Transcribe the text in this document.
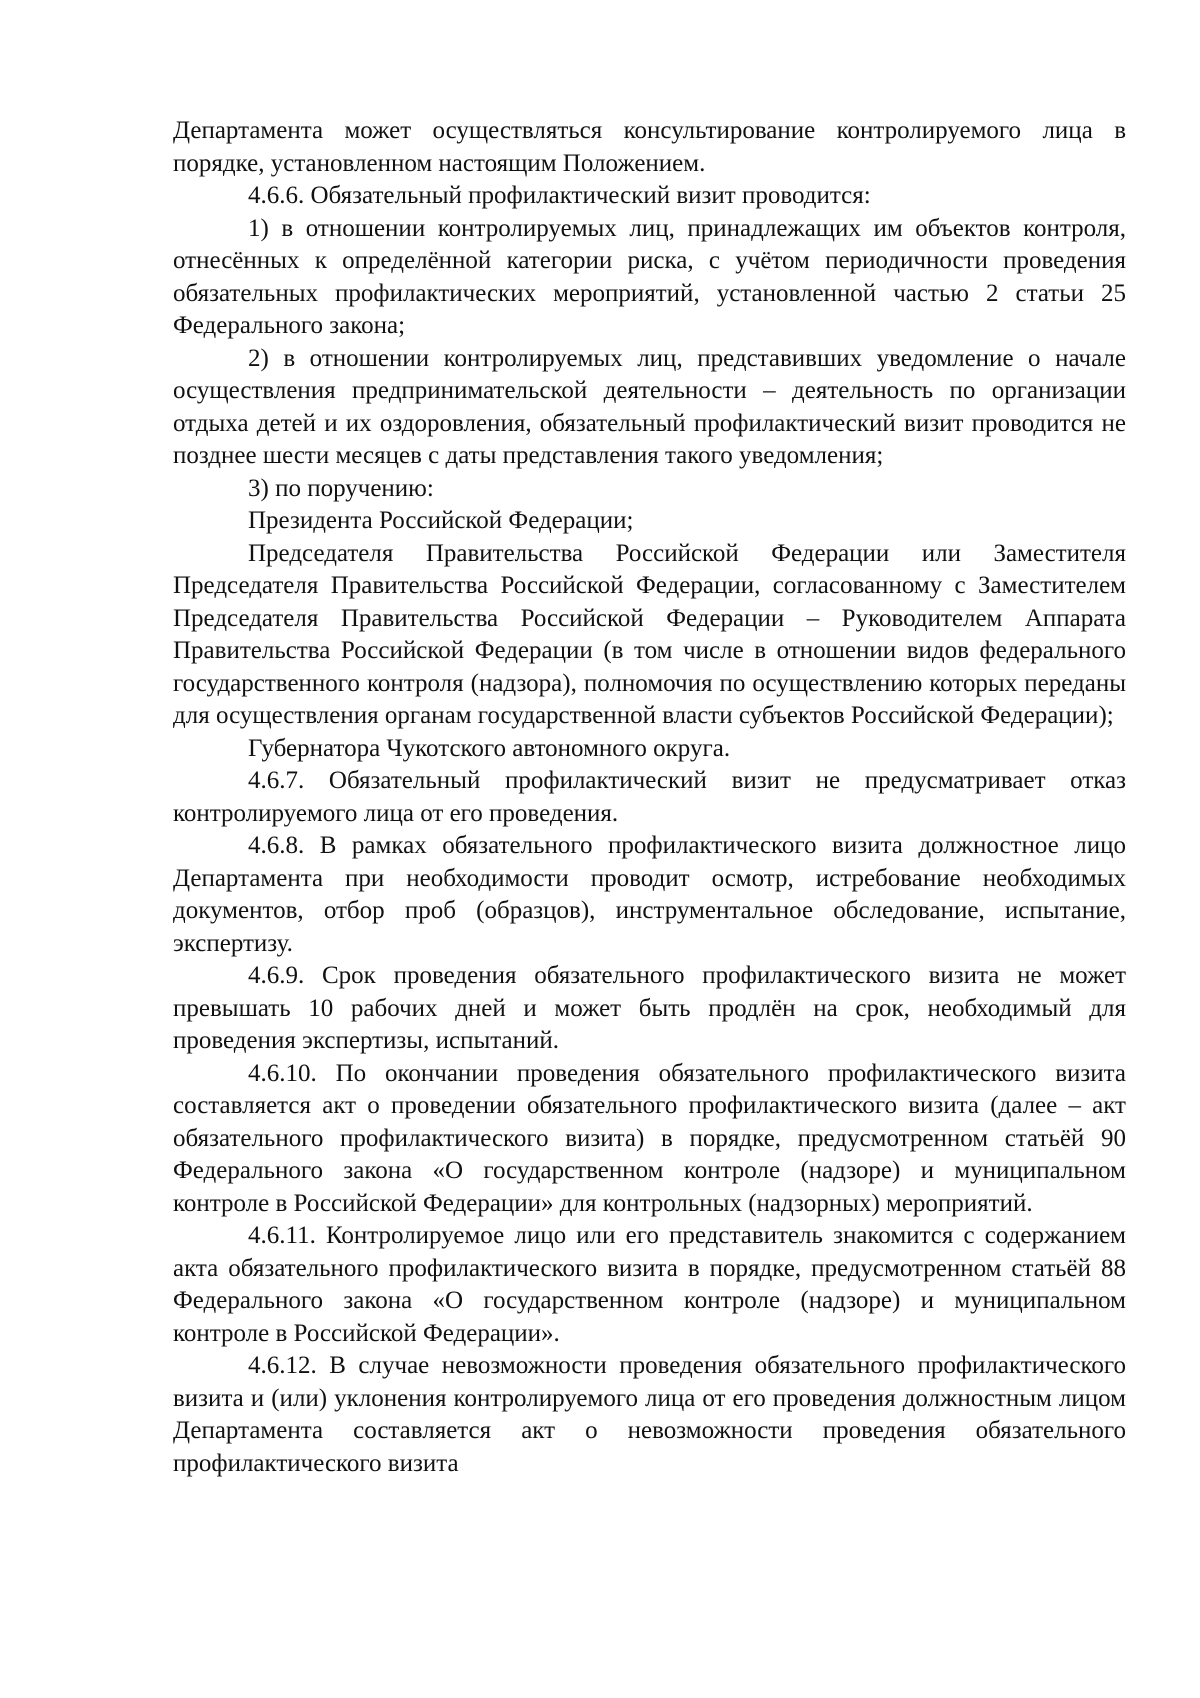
Департамента может осуществляться консультирование контролируемого лица в порядке, установленном настоящим Положением.

4.6.6. Обязательный профилактический визит проводится:

1) в отношении контролируемых лиц, принадлежащих им объектов контроля, отнесённых к определённой категории риска, с учётом периодичности проведения обязательных профилактических мероприятий, установленной частью 2 статьи 25 Федерального закона;

2) в отношении контролируемых лиц, представивших уведомление о начале осуществления предпринимательской деятельности – деятельность по организации отдыха детей и их оздоровления, обязательный профилактический визит проводится не позднее шести месяцев с даты представления такого уведомления;

3) по поручению:

Президента Российской Федерации;

Председателя Правительства Российской Федерации или Заместителя Председателя Правительства Российской Федерации, согласованному с Заместителем Председателя Правительства Российской Федерации – Руководителем Аппарата Правительства Российской Федерации (в том числе в отношении видов федерального государственного контроля (надзора), полномочия по осуществлению которых переданы для осуществления органам государственной власти субъектов Российской Федерации);

Губернатора Чукотского автономного округа.

4.6.7. Обязательный профилактический визит не предусматривает отказ контролируемого лица от его проведения.

4.6.8. В рамках обязательного профилактического визита должностное лицо Департамента при необходимости проводит осмотр, истребование необходимых документов, отбор проб (образцов), инструментальное обследование, испытание, экспертизу.

4.6.9. Срок проведения обязательного профилактического визита не может превышать 10 рабочих дней и может быть продлён на срок, необходимый для проведения экспертизы, испытаний.

4.6.10. По окончании проведения обязательного профилактического визита составляется акт о проведении обязательного профилактического визита (далее – акт обязательного профилактического визита) в порядке, предусмотренном статьёй 90 Федерального закона «О государственном контроле (надзоре) и муниципальном контроле в Российской Федерации» для контрольных (надзорных) мероприятий.

4.6.11. Контролируемое лицо или его представитель знакомится с содержанием акта обязательного профилактического визита в порядке, предусмотренном статьёй 88 Федерального закона «О государственном контроле (надзоре) и муниципальном контроле в Российской Федерации».

4.6.12. В случае невозможности проведения обязательного профилактического визита и (или) уклонения контролируемого лица от его проведения должностным лицом Департамента составляется акт о невозможности проведения обязательного профилактического визита
